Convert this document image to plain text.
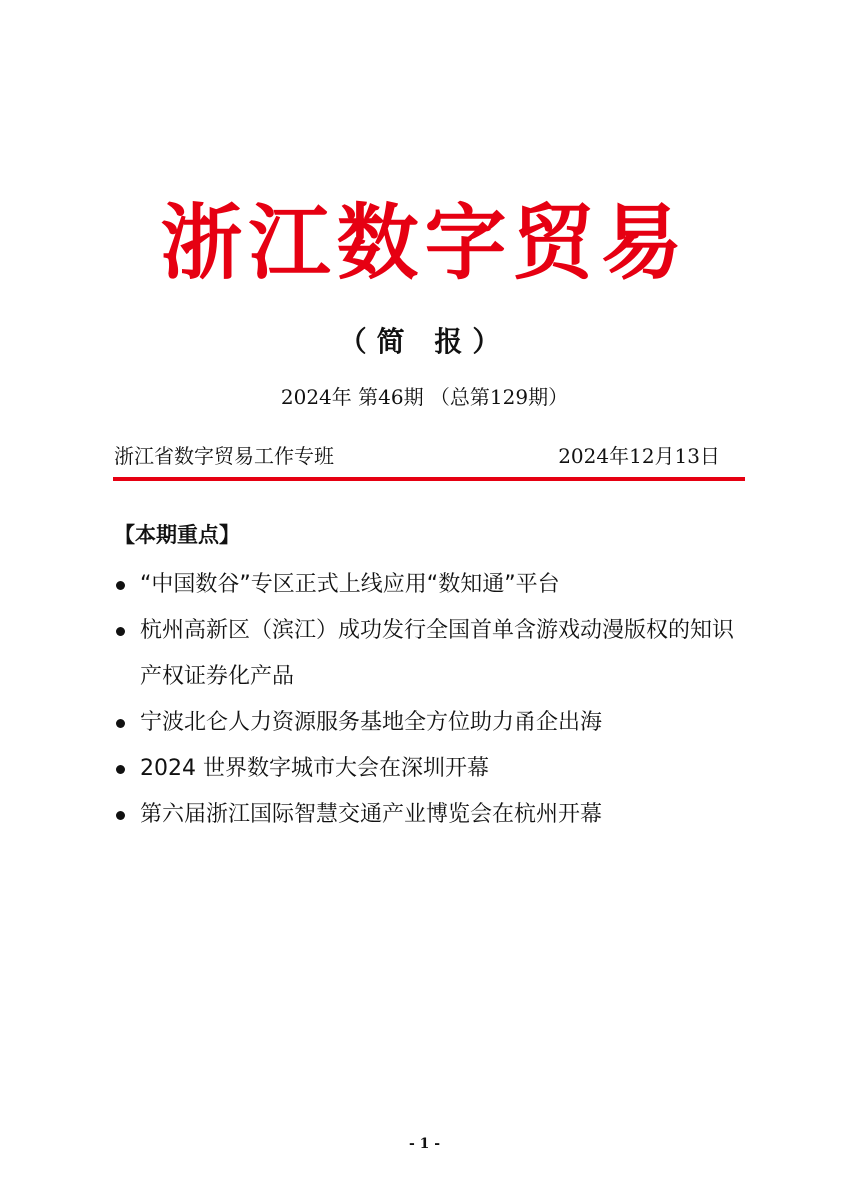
浙江数字贸易
（简 报）
2024年 第46期 （总第129期）
浙江省数字贸易工作专班	2024年12月13日
【本期重点】
“中国数谷”专区正式上线应用“数知通”平台
杭州高新区（滨江）成功发行全国首单含游戏动漫版权的知识产权证券化产品
宁波北仑人力资源服务基地全方位助力甬企出海
2024 世界数字城市大会在深圳开幕
第六届浙江国际智慧交通产业博览会在杭州开幕
- 1 -
